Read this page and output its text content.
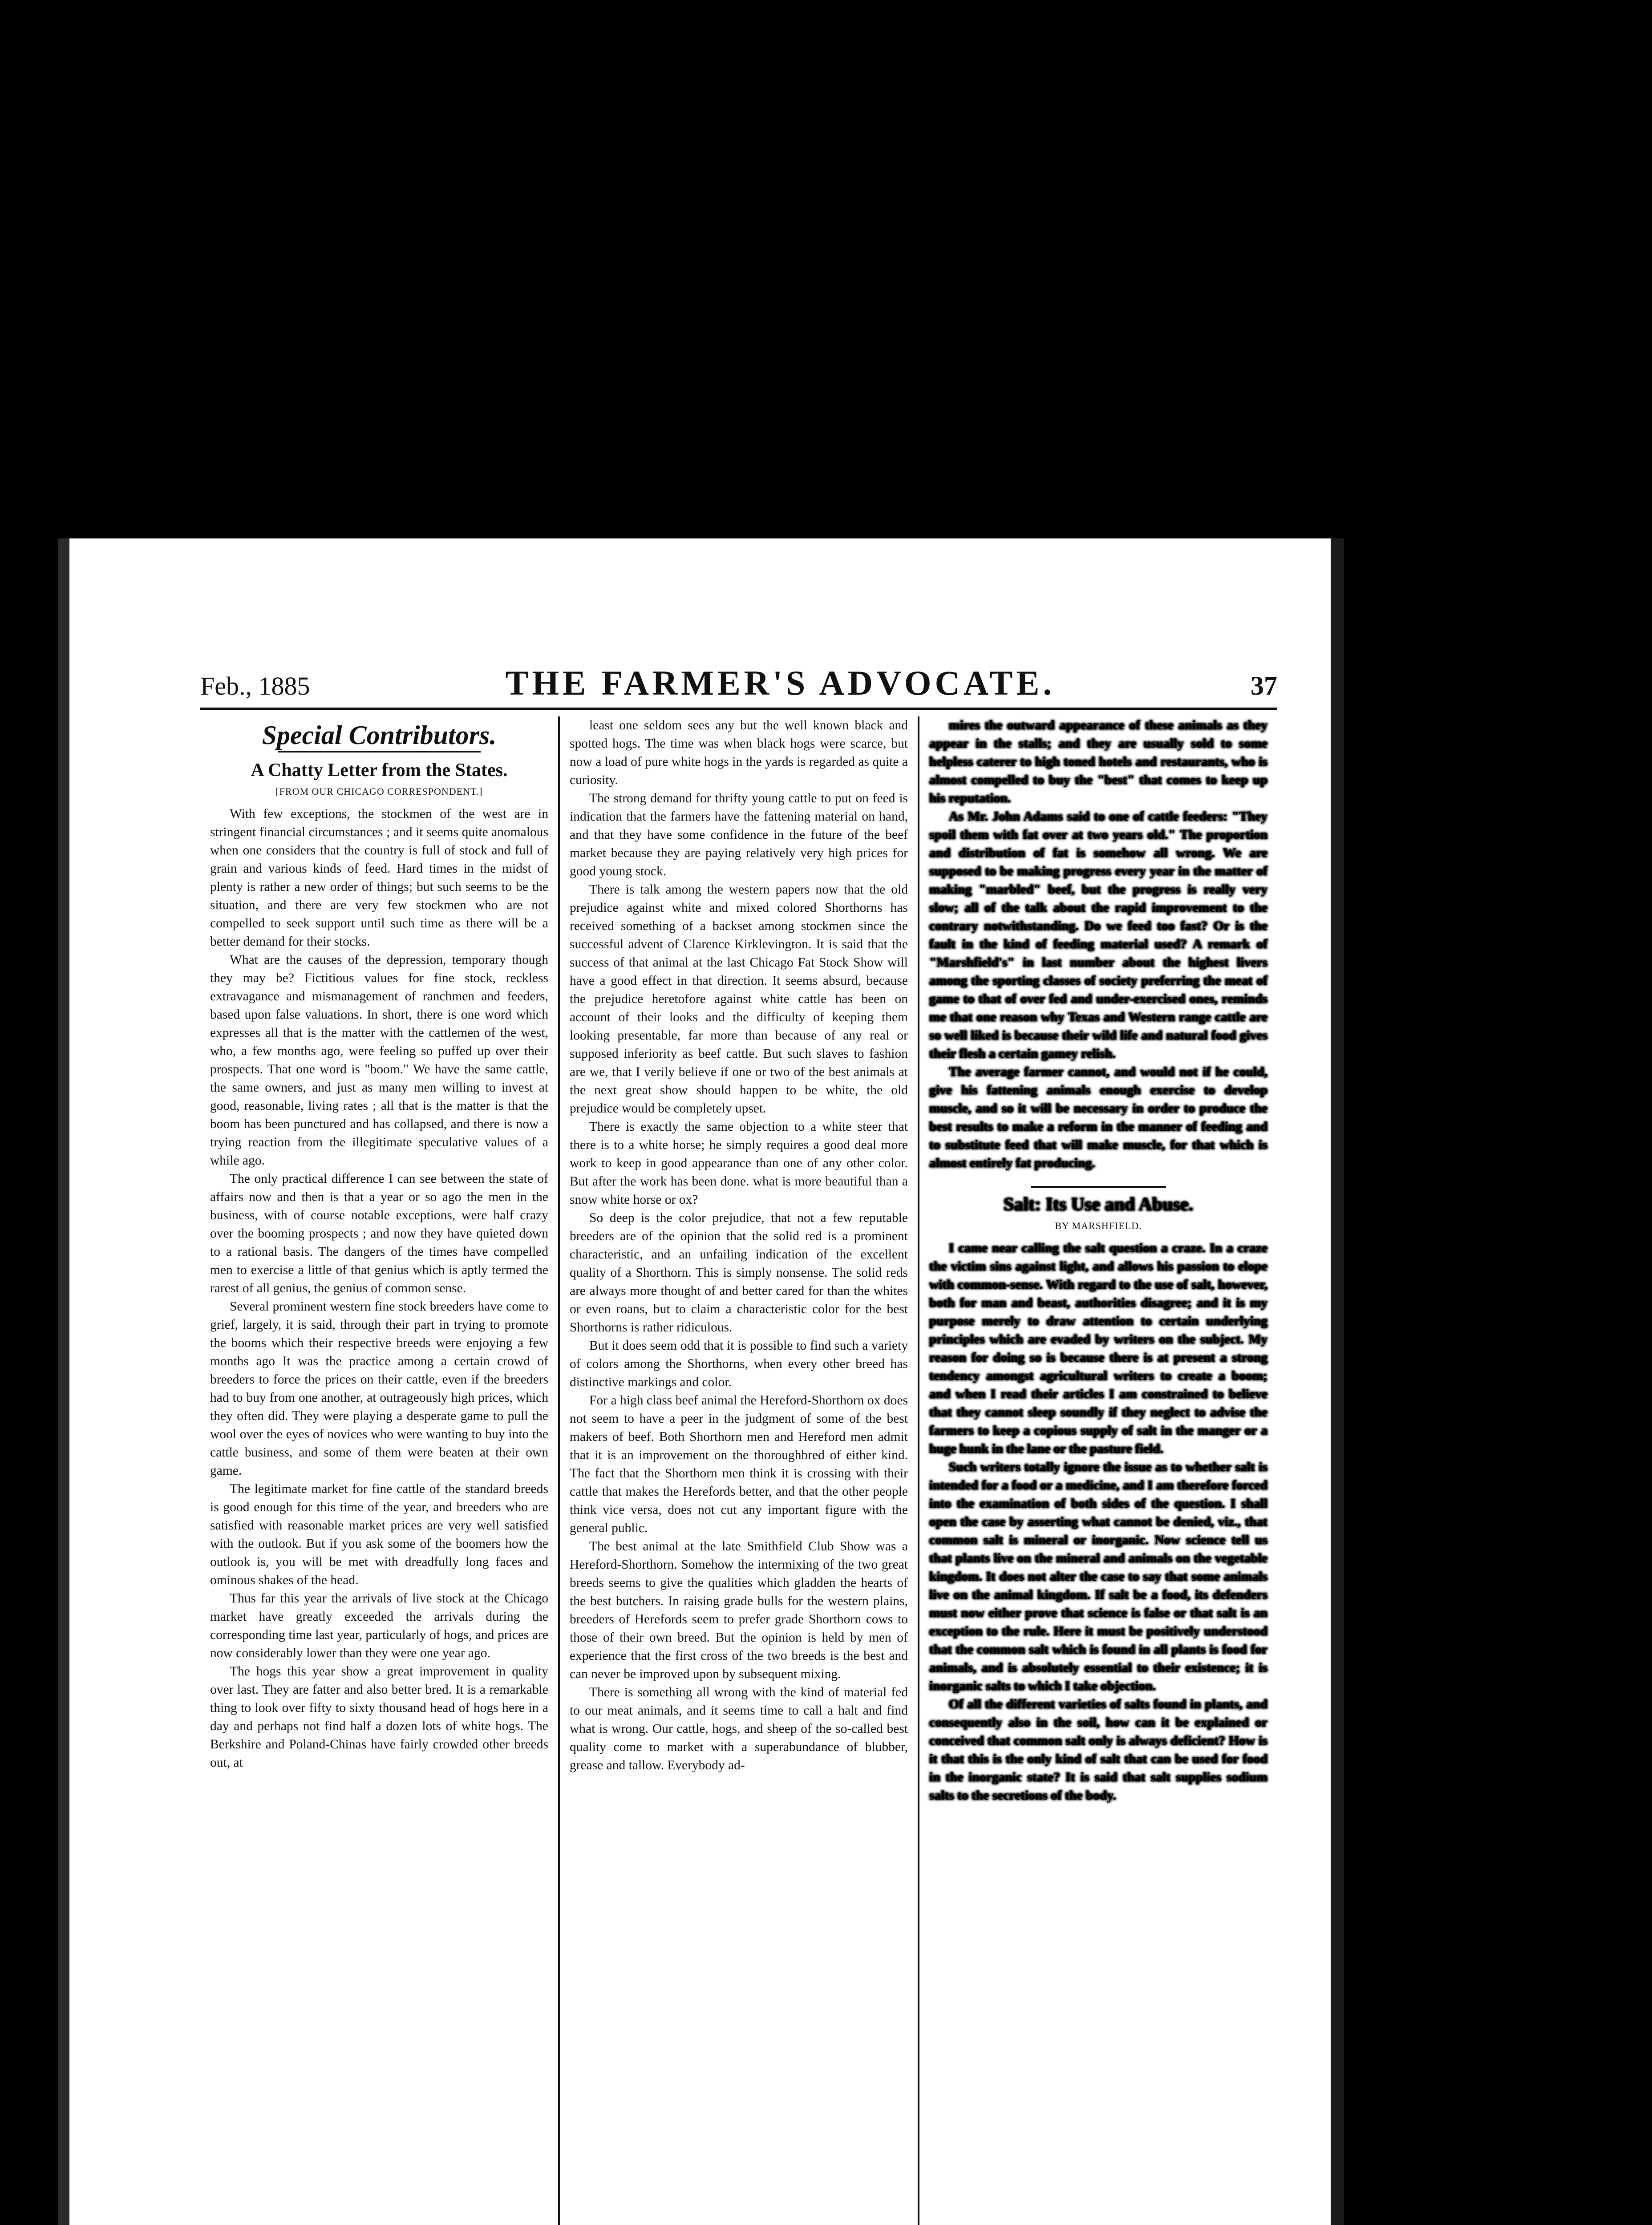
Feb., 1885	THE FARMER'S ADVOCATE.	37
Special Contributors.
A Chatty Letter from the States.
[FROM OUR CHICAGO CORRESPONDENT.]

With few exceptions, the stockmen of the west are in stringent financial circumstances ; and it seems quite anomalous when one considers that the country is full of stock and full of grain and various kinds of feed. Hard times in the midst of plenty is rather a new order of things; but such seems to be the situation, and there are very few stockmen who are not compelled to seek support until such time as there will be a better demand for their stocks.

What are the causes of the depression, temporary though they may be? Fictitious values for fine stock, reckless extravagance and mismanagement of ranchmen and feeders, based upon false valuations. In short, there is one word which expresses all that is the matter with the cattlemen of the west, who, a few months ago, were feeling so puffed up over their prospects. That one word is "boom." We have the same cattle, the same owners, and just as many men willing to invest at good, reasonable, living rates ; all that is the matter is that the boom has been punctured and has collapsed, and there is now a trying reaction from the illegitimate speculative values of a while ago.

The only practical difference I can see between the state of affairs now and then is that a year or so ago the men in the business, with of course notable exceptions, were half crazy over the booming prospects ; and now they have quieted down to a rational basis. The dangers of the times have compelled men to exercise a little of that genius which is aptly termed the rarest of all genius, the genius of common sense.

Several prominent western fine stock breeders have come to grief, largely, it is said, through their part in trying to promote the booms which their respective breeds were enjoying a few months ago It was the practice among a certain crowd of breeders to force the prices on their cattle, even if the breeders had to buy from one another, at outrageously high prices, which they often did. They were playing a desperate game to pull the wool over the eyes of novices who were wanting to buy into the cattle business, and some of them were beaten at their own game.

The legitimate market for fine cattle of the standard breeds is good enough for this time of the year, and breeders who are satisfied with reasonable market prices are very well satisfied with the outlook. But if you ask some of the boomers how the outlook is, you will be met with dreadfully long faces and ominous shakes of the head.

Thus far this year the arrivals of live stock at the Chicago market have greatly exceeded the arrivals during the corresponding time last year, particularly of hogs, and prices are now considerably lower than they were one year ago.

The hogs this year show a great improvement in quality over last. They are fatter and also better bred. It is a remarkable thing to look over fifty to sixty thousand head of hogs here in a day and perhaps not find half a dozen lots of white hogs. The Berkshire and Poland-Chinas have fairly crowded other breeds out, at

least one seldom sees any but the well known black and spotted hogs. The time was when black hogs were scarce, but now a load of pure white hogs in the yards is regarded as quite a curiosity.

The strong demand for thrifty young cattle to put on feed is indication that the farmers have the fattening material on hand, and that they have some confidence in the future of the beef market because they are paying relatively very high prices for good young stock.

There is talk among the western papers now that the old prejudice against white and mixed colored Shorthorns has received something of a backset among stockmen since the successful advent of Clarence Kirklevington. It is said that the success of that animal at the last Chicago Fat Stock Show will have a good effect in that direction. It seems absurd, because the prejudice heretofore against white cattle has been on account of their looks and the difficulty of keeping them looking presentable, far more than because of any real or supposed inferiority as beef cattle. But such slaves to fashion are we, that I verily believe if one or two of the best animals at the next great show should happen to be white, the old prejudice would be completely upset.

There is exactly the same objection to a white steer that there is to a white horse; he simply requires a good deal more work to keep in good appearance than one of any other color. But after the work has been done. what is more beautiful than a snow white horse or ox?

So deep is the color prejudice, that not a few reputable breeders are of the opinion that the solid red is a prominent characteristic, and an unfailing indication of the excellent quality of a Shorthorn. This is simply nonsense. The solid reds are always more thought of and better cared for than the whites or even roans, but to claim a characteristic color for the best Shorthorns is rather ridiculous.

But it does seem odd that it is possible to find such a variety of colors among the Shorthorns, when every other breed has distinctive markings and color.

For a high class beef animal the Hereford-Shorthorn ox does not seem to have a peer in the judgment of some of the best makers of beef. Both Shorthorn men and Hereford men admit that it is an improvement on the thoroughbred of either kind. The fact that the Shorthorn men think it is crossing with their cattle that makes the Herefords better, and that the other people think vice versa, does not cut any important figure with the general public.

The best animal at the late Smithfield Club Show was a Hereford-Shorthorn. Somehow the intermixing of the two great breeds seems to give the qualities which gladden the hearts of the best butchers. In raising grade bulls for the western plains, breeders of Herefords seem to prefer grade Shorthorn cows to those of their own breed. But the opinion is held by men of experience that the first cross of the two breeds is the best and can never be improved upon by subsequent mixing.

There is something all wrong with the kind of material fed to our meat animals, and it seems time to call a halt and find what is wrong. Our cattle, hogs, and sheep of the so-called best quality come to market with a superabundance of blubber, grease and tallow. Everybody ad-

mires the outward appearance of these animals as they appear in the stalls; and they are usually sold to some helpless caterer to high toned hotels and restaurants, who is almost compelled to buy the "best" that comes to keep up his reputation.

As Mr. John Adams said to one of cattle feeders: "They spoil them with fat over at two years old." The proportion and distribution of fat is somehow all wrong. We are supposed to be making progress every year in the matter of making "marbled" beef, but the progress is really very slow; all of the talk about the rapid improvement to the contrary notwithstanding. Do we feed too fast? Or is the fault in the kind of feeding material used? A remark of "Marshfield's" in last number about the highest livers among the sporting classes of society preferring the meat of game to that of over fed and under-exercised ones, reminds me that one reason why Texas and Western range cattle are so well liked is because their wild life and natural food gives their flesh a certain gamey relish.

The average farmer cannot, and would not if he could, give his fattening animals enough exercise to develop muscle, and so it will be necessary in order to produce the best results to make a reform in the manner of feeding and to substitute feed that will make muscle, for that which is almost entirely fat producing.

Salt: Its Use and Abuse.
BY MARSHFIELD.

I came near calling the salt question a craze. In a craze the victim sins against light, and allows his passion to elope with common-sense. With regard to the use of salt, however, both for man and beast, authorities disagree; and it is my purpose merely to draw attention to certain underlying principles which are evaded by writers on the subject. My reason for doing so is because there is at present a strong tendency amongst agricultural writers to create a boom; and when I read their articles I am constrained to believe that they cannot sleep soundly if they neglect to advise the farmers to keep a copious supply of salt in the manger or a huge hunk in the lane or the pasture field.

Such writers totally ignore the issue as to whether salt is intended for a food or a medicine, and I am therefore forced into the examination of both sides of the question. I shall open the case by asserting what cannot be denied, viz., that common salt is mineral or inorganic. Now science tell us that plants live on the mineral and animals on the vegetable kingdom. It does not alter the case to say that some animals live on the animal kingdom. If salt be a food, its defenders must now either prove that science is false or that salt is an exception to the rule. Here it must be positively understood that the common salt which is found in all plants is food for animals, and is absolutely essential to their existence; it is inorganic salts to which I take objection.

Of all the different varieties of salts found in plants, and consequently also in the soil, how can it be explained or conceived that common salt only is always deficient? How is it that this is the only kind of salt that can be used for food in the inorganic state? It is said that salt supplies sodium salts to the secretions of the body.
